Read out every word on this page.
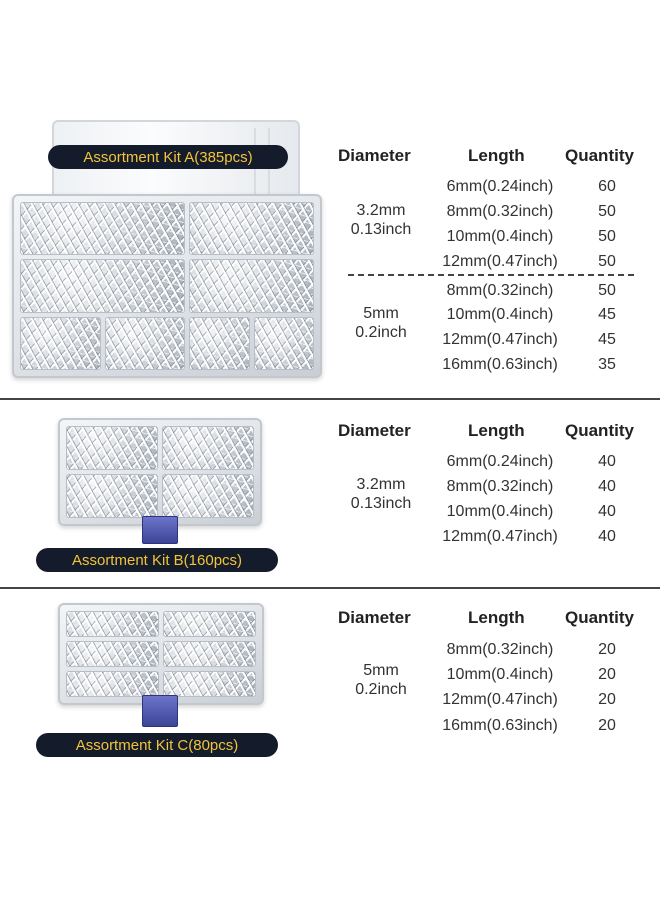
Assortment Kit A(385pcs)	Diameter	Length Quantity
3.2mm
0.13inch
6mm(0.24inch)	60
8mm(0.32inch)	50
10mm(0.4inch)	50
12mm(0.47inch)	50
5mm
0.2inch
8mm(0.32inch)	50
10mm(0.4inch)	45
12mm(0.47inch)	45
16mm(0.63inch)	35
Assortment Kit B(160pcs)
Diameter	Length Quantity
3.2mm
0.13inch
6mm(0.24inch)	40
8mm(0.32inch)	40
10mm(0.4inch)	40
12mm(0.47inch)	40
Assortment Kit C(80pcs)
Diameter	Length Quantity
5mm
0.2inch
8mm(0.32inch)	20
10mm(0.4inch)	20
12mm(0.47inch)	20
16mm(0.63inch)	20
